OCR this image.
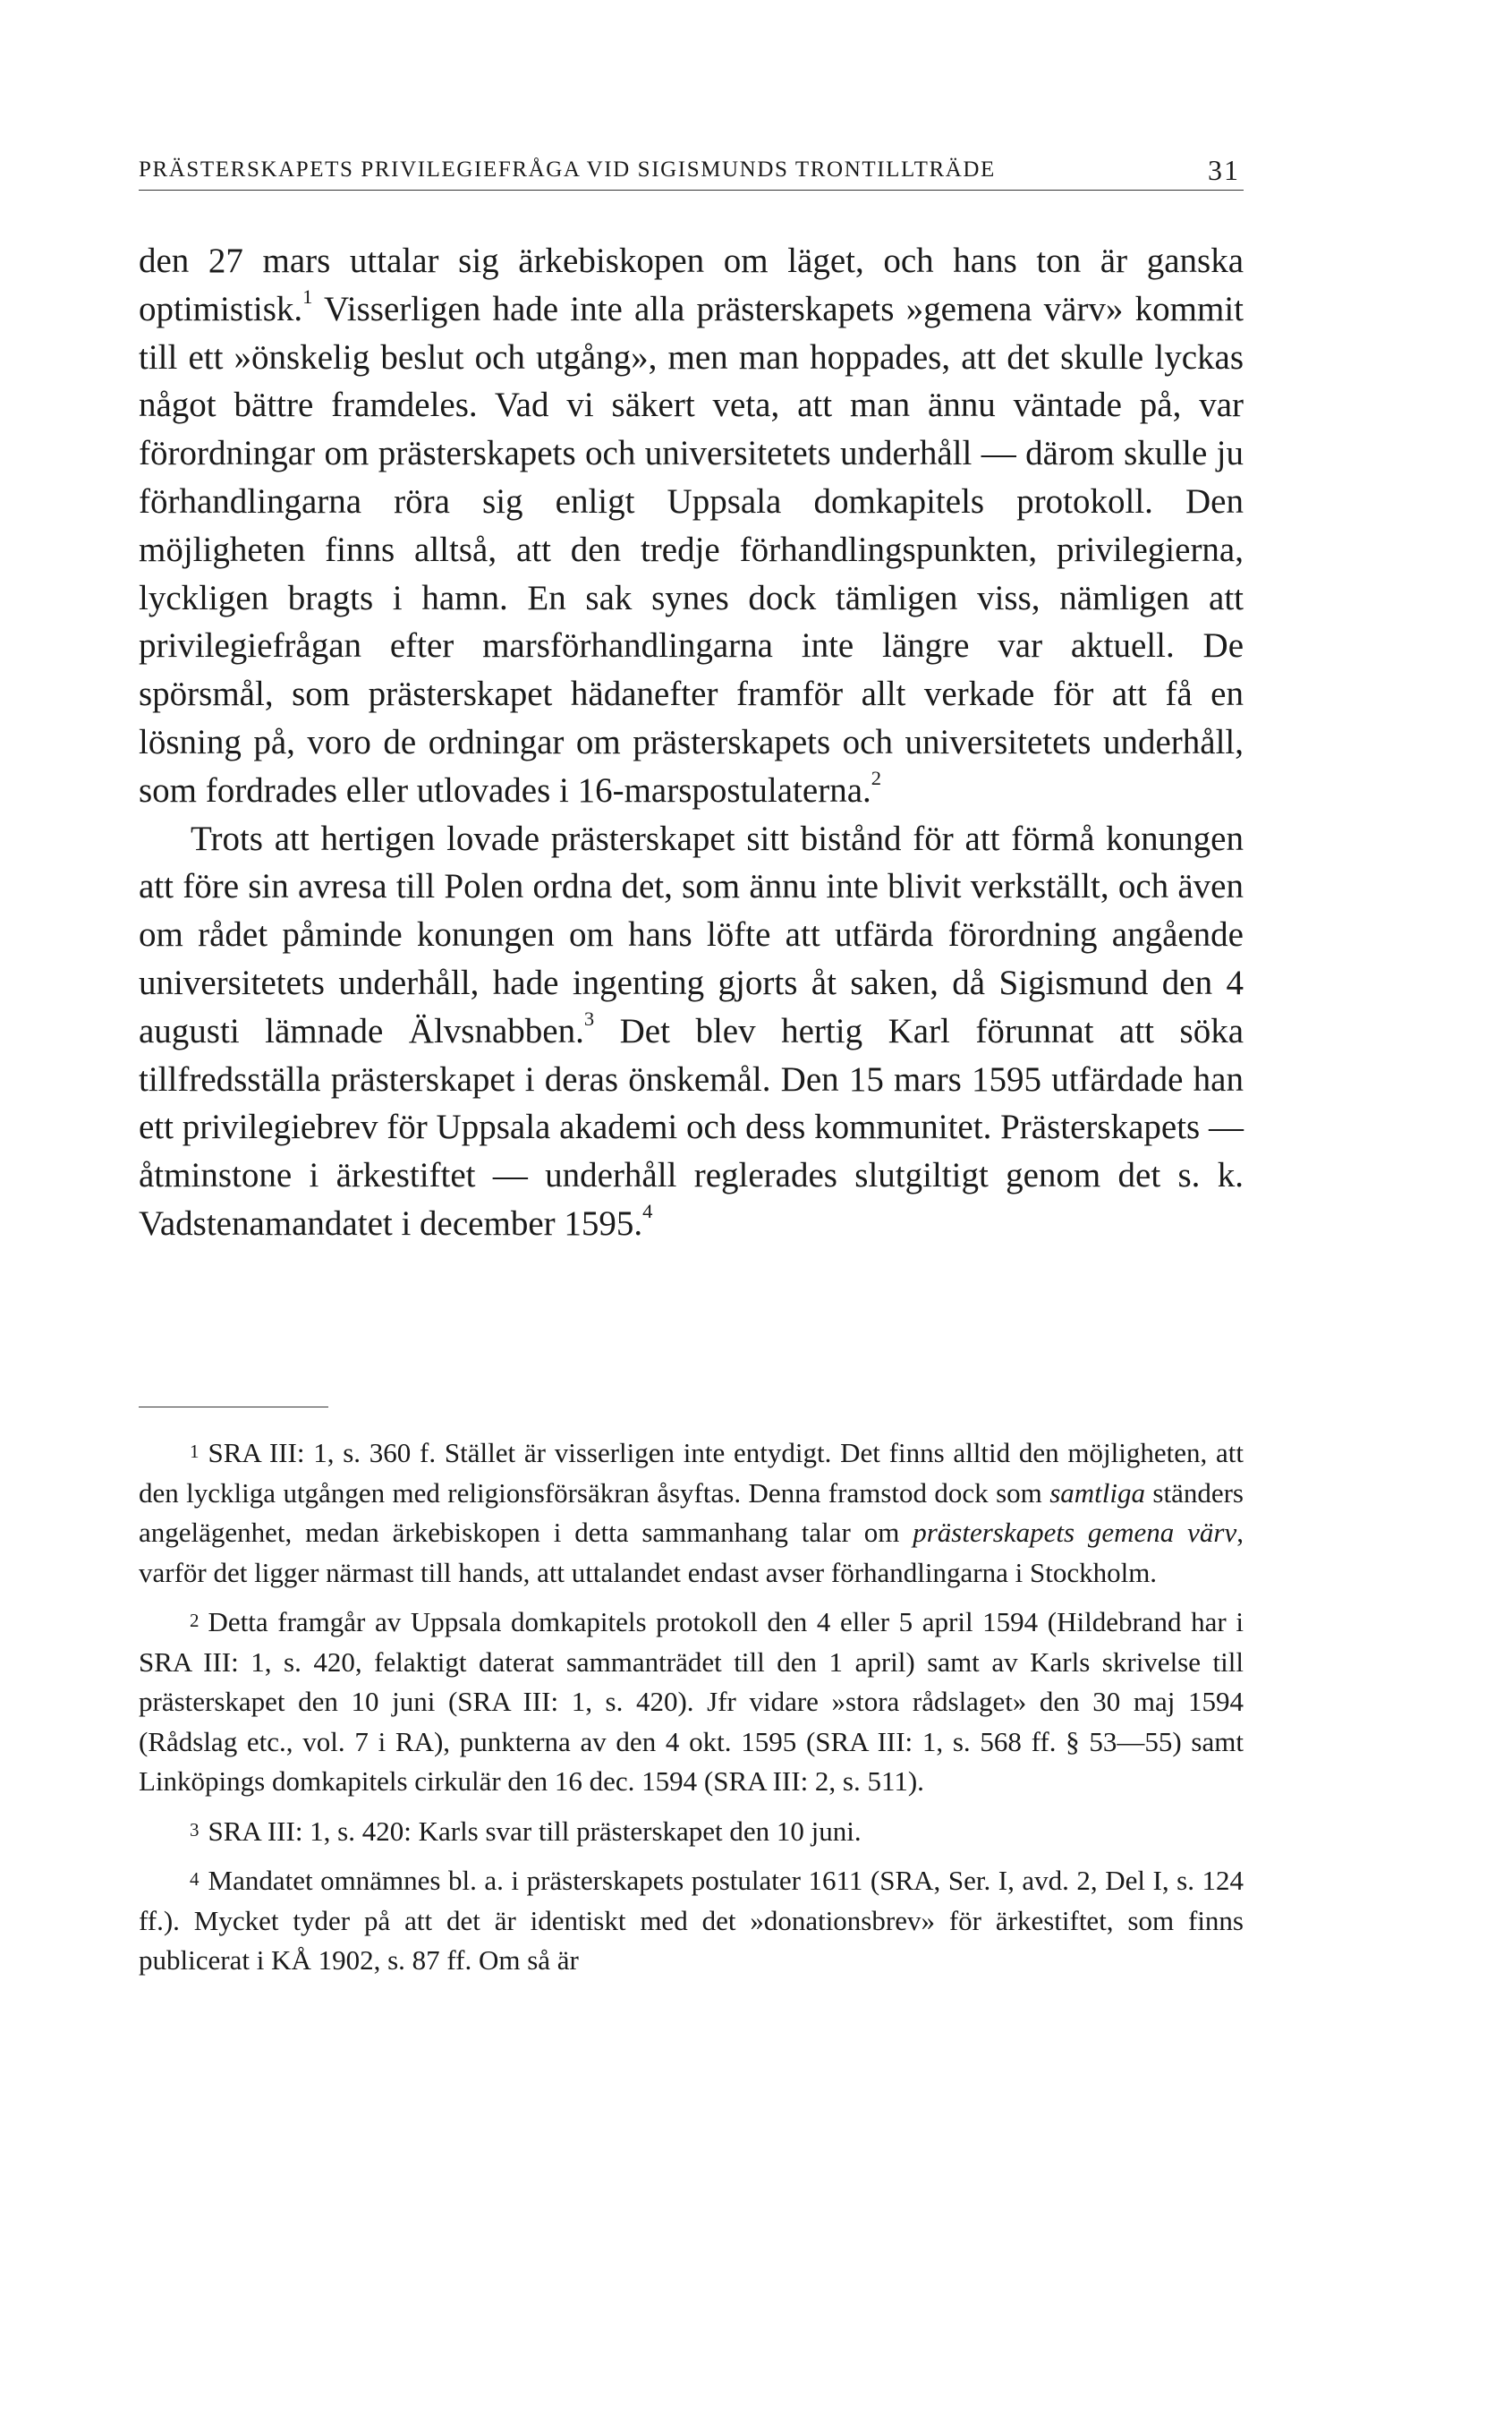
PRÄSTERSKAPETS PRIVILEGIEFRÅGA VID SIGISMUNDS TRONTILLTRÄDE	31

den 27 mars uttalar sig ärkebiskopen om läget, och hans ton är ganska optimistisk.$^1$ Visserligen hade inte alla prästerskapets »gemena värv» kommit till ett »önskelig beslut och utgång», men man hoppades, att det skulle lyckas något bättre framdeles. Vad vi säkert veta, att man ännu väntade på, var förordningar om prästerskapets och universitetets underhåll — därom skulle ju förhandlingarna röra sig enligt Uppsala domkapitels protokoll. Den möjligheten finns alltså, att den tredje förhandlingspunkten, privilegierna, lyckligen bragts i hamn. En sak synes dock tämligen viss, nämligen att privilegiefrågan efter marsförhandlingarna inte längre var aktuell. De spörsmål, som prästerskapet hädanefter framför allt verkade för att få en lösning på, voro de ordningar om prästerskapets och universitetets underhåll, som fordrades eller utlovades i 16-marspostulaterna.$^2$

Trots att hertigen lovade prästerskapet sitt bistånd för att förmå konungen att före sin avresa till Polen ordna det, som ännu inte blivit verkställt, och även om rådet påminde konungen om hans löfte att utfärda förordning angående universitetets underhåll, hade ingenting gjorts åt saken, då Sigismund den 4 augusti lämnade Älvsnabben.$^3$ Det blev hertig Karl förunnat att söka tillfredsställa prästerskapet i deras önskemål. Den 15 mars 1595 utfärdade han ett privilegiebrev för Uppsala akademi och dess kommunitet. Prästerskapets — åtminstone i ärkestiftet — underhåll reglerades slutgiltigt genom det s. k. Vadstenamandatet i december 1595.$^4$

1 SRA III: 1, s. 360 f. Stället är visserligen inte entydigt. Det finns alltid den möjligheten, att den lyckliga utgången med religionsförsäkran åsyftas. Denna framstod dock som samtliga ständers angelägenhet, medan ärkebiskopen i detta sammanhang talar om prästerskapets gemena värv, varför det ligger närmast till hands, att uttalandet endast avser förhandlingarna i Stockholm.

2 Detta framgår av Uppsala domkapitels protokoll den 4 eller 5 april 1594 (Hildebrand har i SRA III: 1, s. 420, felaktigt daterat sammanträdet till den 1 april) samt av Karls skrivelse till prästerskapet den 10 juni (SRA III: 1, s. 420). Jfr vidare »stora rådslaget» den 30 maj 1594 (Rådslag etc., vol. 7 i RA), punkterna av den 4 okt. 1595 (SRA III: 1, s. 568 ff. § 53—55) samt Linköpings domkapitels cirkulär den 16 dec. 1594 (SRA III: 2, s. 511).

3 SRA III: 1, s. 420: Karls svar till prästerskapet den 10 juni.

4 Mandatet omnämnes bl. a. i prästerskapets postulater 1611 (SRA, Ser. I, avd. 2, Del I, s. 124 ff.). Mycket tyder på att det är identiskt med det »donationsbrev» för ärkestiftet, som finns publicerat i KÅ 1902, s. 87 ff. Om så är
